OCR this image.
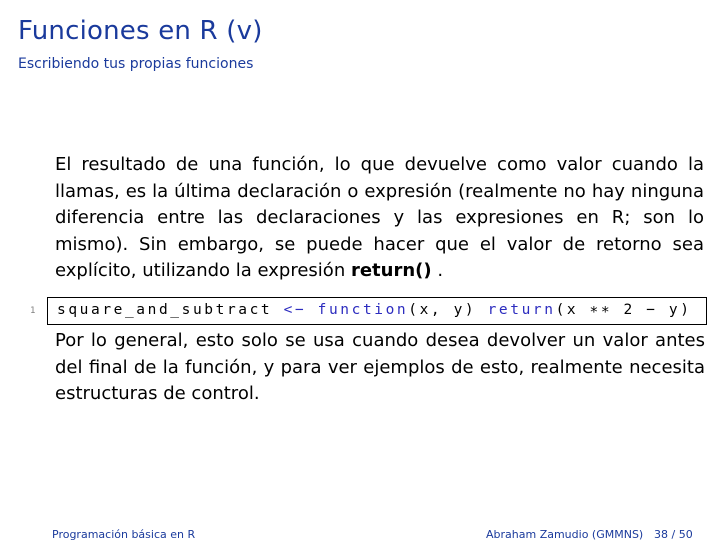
Funciones en R (v)
Escribiendo tus propias funciones
El resultado de una función, lo que devuelve como valor cuando la llamas, es la última declaración o expresión (realmente no hay ninguna diferencia entre las declaraciones y las expresiones en R; son lo mismo). Sin embargo, se puede hacer que el valor de retorno sea explícito, utilizando la expresión return() .
1 square_and_subtract <− function(x, y) return(x ∗∗ 2 − y)
Por lo general, esto solo se usa cuando desea devolver un valor antes del final de la función, y para ver ejemplos de esto, realmente necesita estructuras de control.
Programación básica en R	Abraham Zamudio (GMMNS) 38 / 50
